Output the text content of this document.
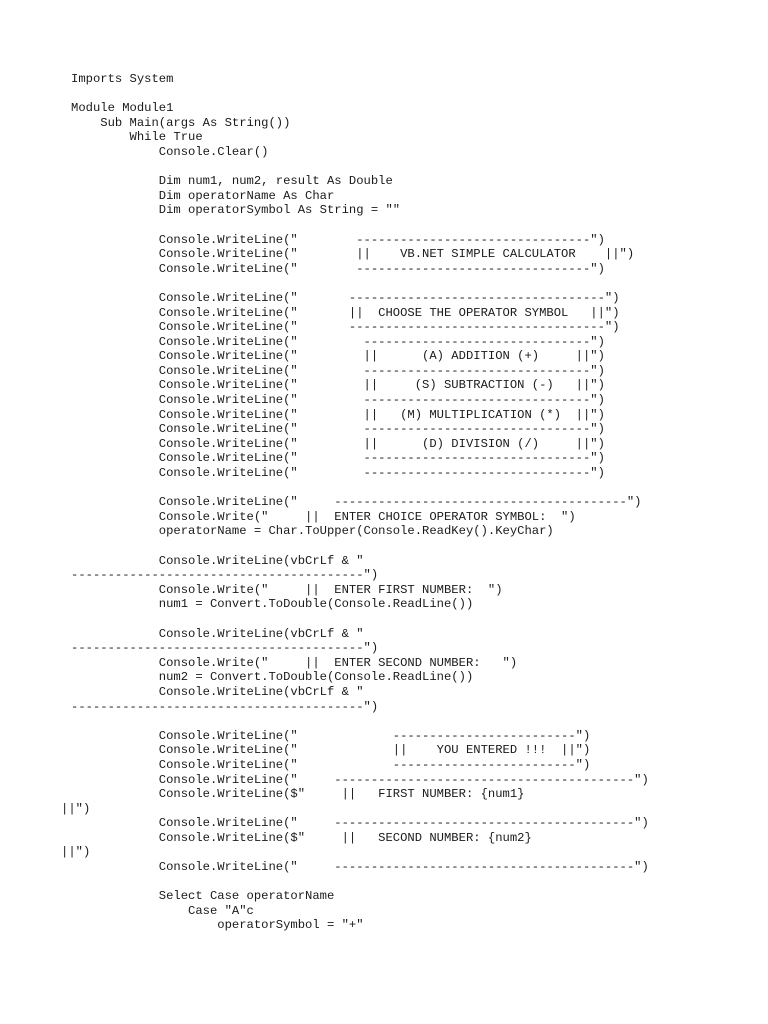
Imports System
Module Module1
Sub Main(args As String())
While True
Console.Clear()
Dim num1, num2, result As Double
Dim operatorName As Char
Dim operatorSymbol As String = ""
Console.WriteLine("        --------------------------------")
Console.WriteLine("        ||    VB.NET SIMPLE CALCULATOR    ||")
Console.WriteLine("        --------------------------------")
Console.WriteLine("       -----------------------------------")
Console.WriteLine("       ||  CHOOSE THE OPERATOR SYMBOL   ||")
Console.WriteLine("       -----------------------------------")
Console.WriteLine("         -------------------------------")
Console.WriteLine("         ||      (A) ADDITION (+)     ||")
Console.WriteLine("         -------------------------------")
Console.WriteLine("         ||     (S) SUBTRACTION (-)   ||")
Console.WriteLine("         -------------------------------")
Console.WriteLine("         ||   (M) MULTIPLICATION (*)  ||")
Console.WriteLine("         -------------------------------")
Console.WriteLine("         ||      (D) DIVISION (/)     ||")
Console.WriteLine("         -------------------------------")
Console.WriteLine("         -------------------------------")
Console.WriteLine("     ----------------------------------------")
Console.Write("     ||  ENTER CHOICE OPERATOR SYMBOL:  ")
operatorName = Char.ToUpper(Console.ReadKey().KeyChar)
Console.WriteLine(vbCrLf & "
----------------------------------------")
Console.Write("     ||  ENTER FIRST NUMBER:  ")
num1 = Convert.ToDouble(Console.ReadLine())
Console.WriteLine(vbCrLf & "
----------------------------------------")
Console.Write("     ||  ENTER SECOND NUMBER:   ")
num2 = Convert.ToDouble(Console.ReadLine())
Console.WriteLine(vbCrLf & "
----------------------------------------")
Console.WriteLine("             -------------------------")
Console.WriteLine("             ||    YOU ENTERED !!!  ||")
Console.WriteLine("             -------------------------")
Console.WriteLine("     -----------------------------------------")
Console.WriteLine($"     ||   FIRST NUMBER: {num1}
||")
Console.WriteLine("     -----------------------------------------")
Console.WriteLine($"     ||   SECOND NUMBER: {num2}
||")
Console.WriteLine("     -----------------------------------------")
Select Case operatorName
Case "A"c
operatorSymbol = "+"
